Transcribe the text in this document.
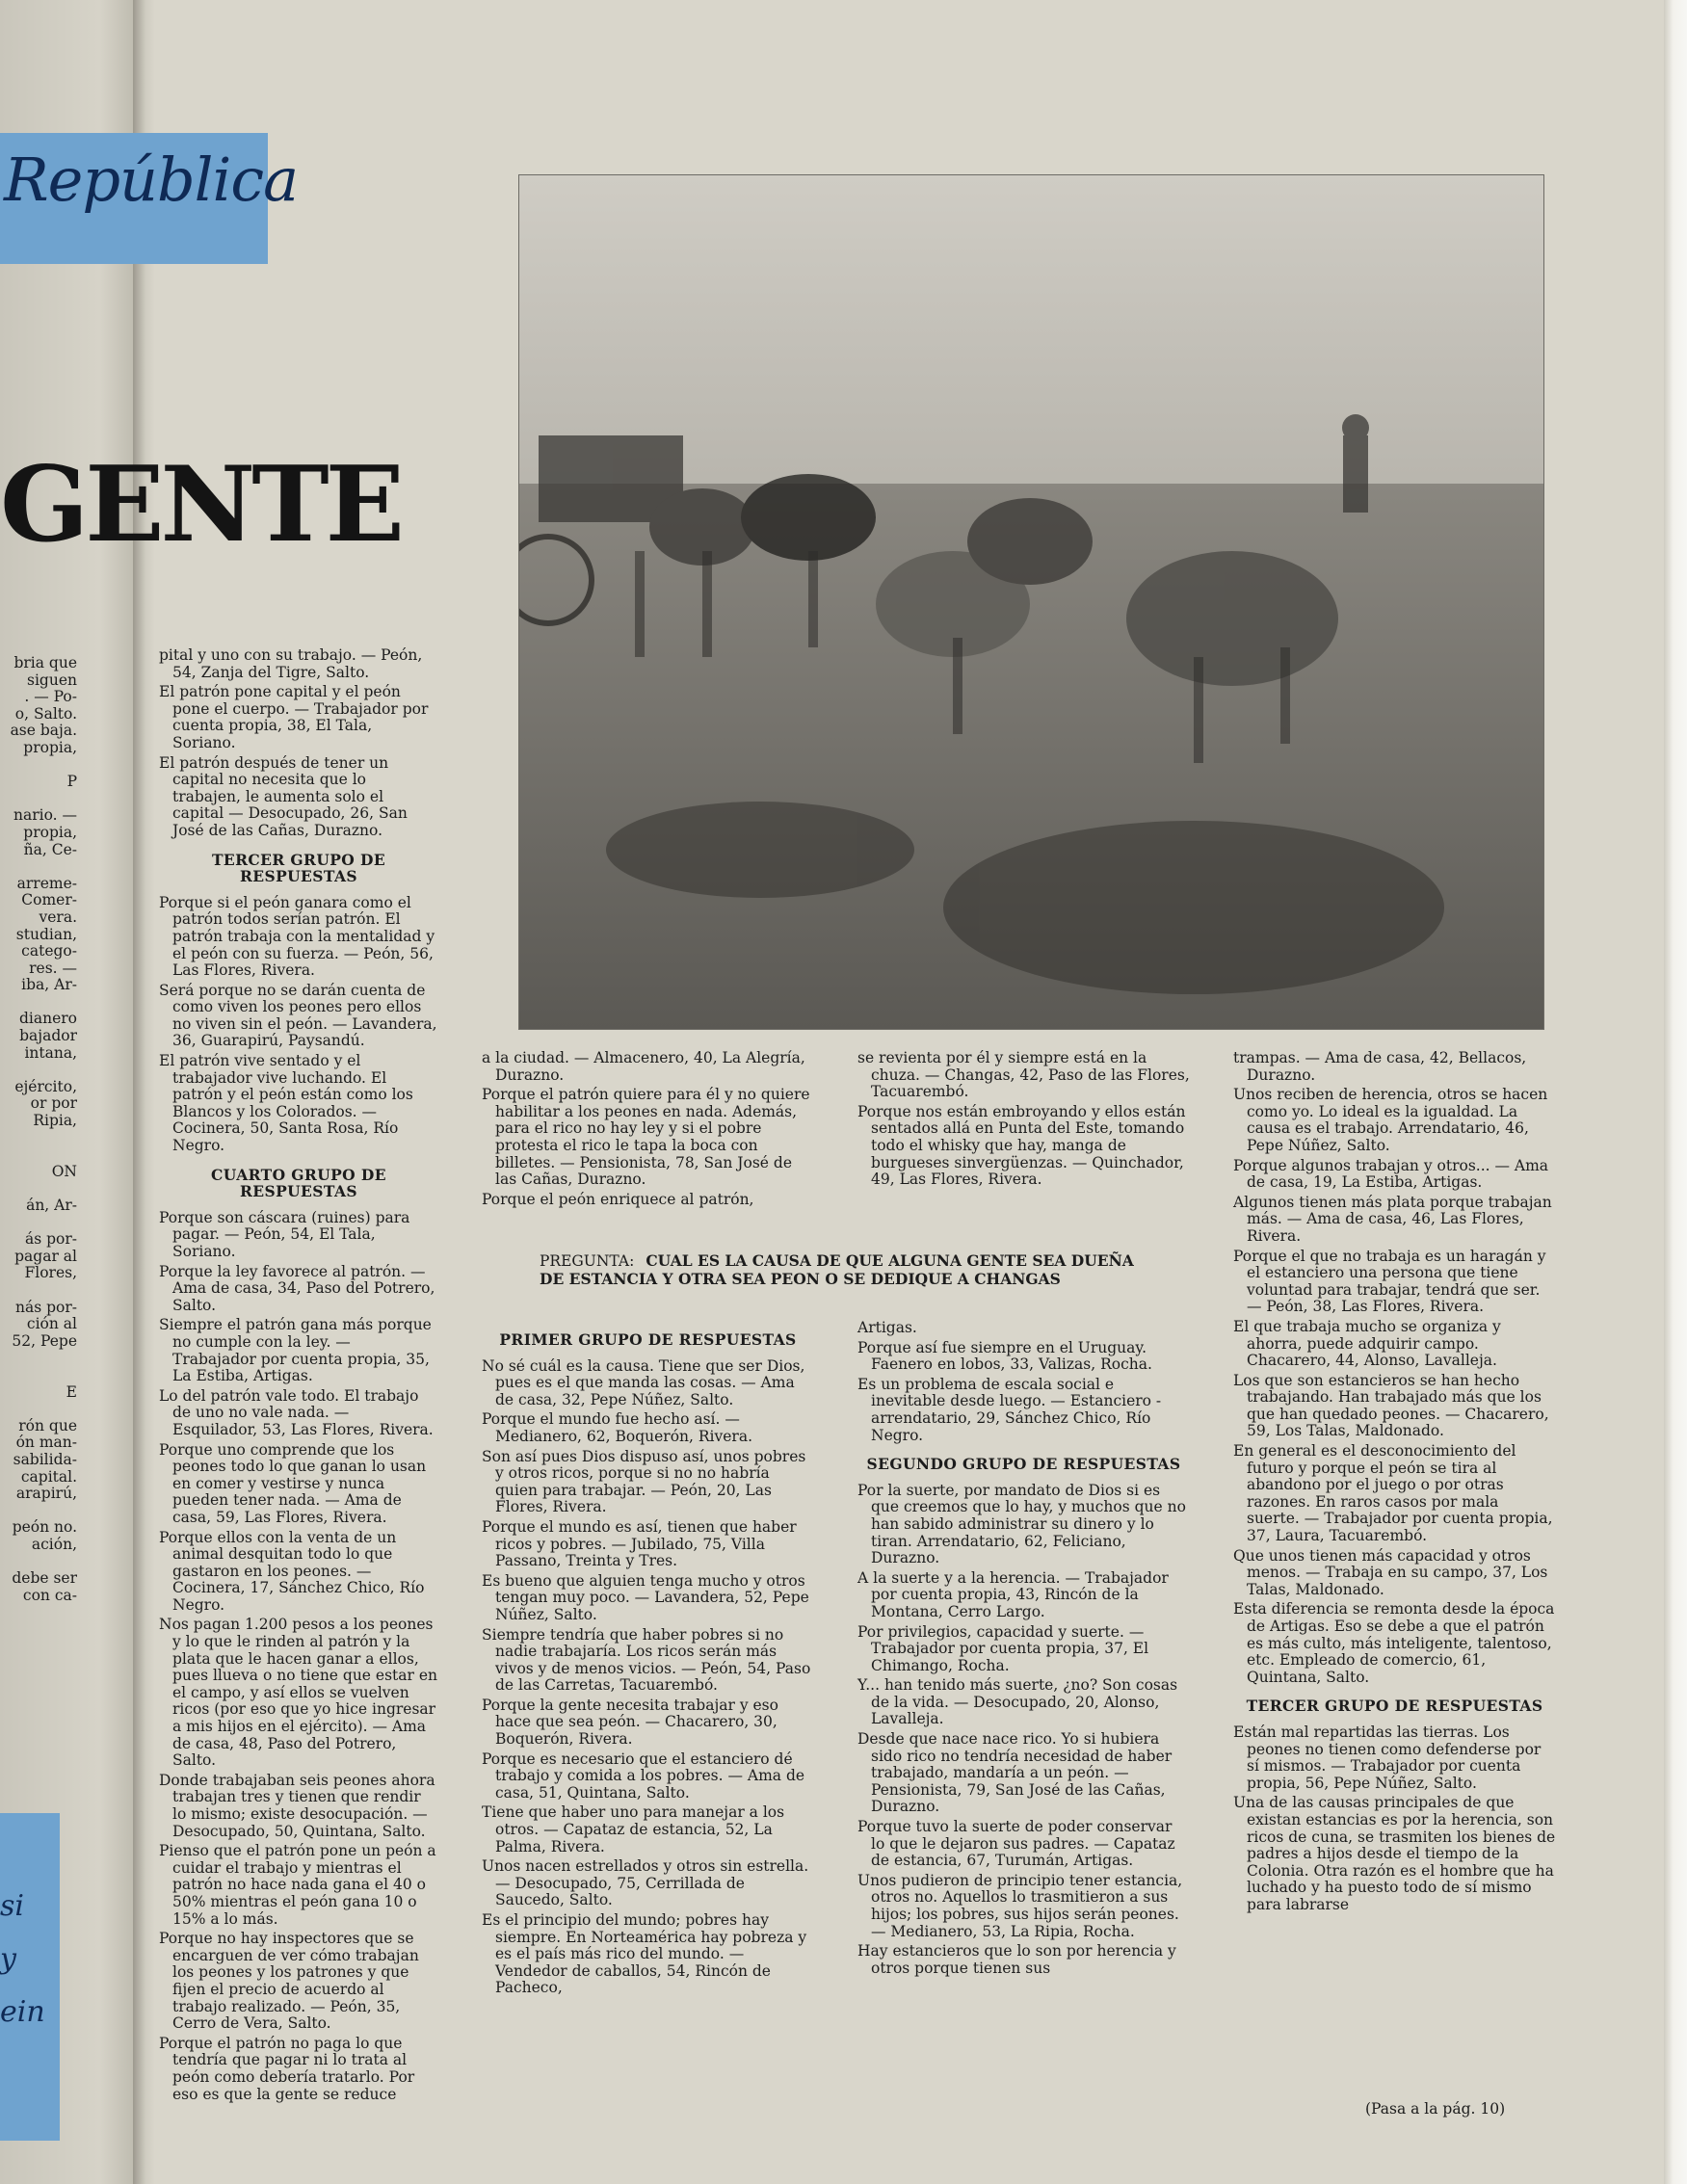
República
GENTE
bria que
siguen
. — Po-
o, Salto.
ase baja.
propia,
P
nario. —
propia,
ña, Ce-
arreme-
Comer-
vera.
studian,
catego-
res. —
iba, Ar-
dianero
bajador
intana,
ejército,
or por
Ripia,
ON
án, Ar-
ás por-
pagar al
Flores,
nás por-
ción al
52, Pepe
E
rón que
ón man-
sabilida-
capital.
arapirú,
peón no.
ación,
debe ser
con ca-
si
y
ein

pital y uno con su trabajo. — Peón, 54, Zanja del Tigre, Salto.

El patrón pone capital y el peón pone el cuerpo. — Trabajador por cuenta propia, 38, El Tala, Soriano.

El patrón después de tener un capital no necesita que lo trabajen, le aumenta solo el capital — Desocupado, 26, San José de las Cañas, Durazno.

TERCER GRUPO DE RESPUESTAS

Porque si el peón ganara como el patrón todos serían patrón. El patrón trabaja con la mentalidad y el peón con su fuerza. — Peón, 56, Las Flores, Rivera.

Será porque no se darán cuenta de como viven los peones pero ellos no viven sin el peón. — Lavandera, 36, Guarapirú, Paysandú.

El patrón vive sentado y el trabajador vive luchando. El patrón y el peón están como los Blancos y los Colorados. — Cocinera, 50, Santa Rosa, Río Negro.

CUARTO GRUPO DE RESPUESTAS

Porque son cáscara (ruines) para pagar. — Peón, 54, El Tala, Soriano.

Porque la ley favorece al patrón. — Ama de casa, 34, Paso del Potrero, Salto.

Siempre el patrón gana más porque no cumple con la ley. — Trabajador por cuenta propia, 35, La Estiba, Artigas.

Lo del patrón vale todo. El trabajo de uno no vale nada. — Esquilador, 53, Las Flores, Rivera.

Porque uno comprende que los peones todo lo que ganan lo usan en comer y vestirse y nunca pueden tener nada. — Ama de casa, 59, Las Flores, Rivera.

Porque ellos con la venta de un animal desquitan todo lo que gastaron en los peones. — Cocinera, 17, Sánchez Chico, Río Negro.

Nos pagan 1.200 pesos a los peones y lo que le rinden al patrón y la plata que le hacen ganar a ellos, pues llueva o no tiene que estar en el campo, y así ellos se vuelven ricos (por eso que yo hice ingresar a mis hijos en el ejército). — Ama de casa, 48, Paso del Potrero, Salto.

Donde trabajaban seis peones ahora trabajan tres y tienen que rendir lo mismo; existe desocupación. — Desocupado, 50, Quintana, Salto.

Pienso que el patrón pone un peón a cuidar el trabajo y mientras el patrón no hace nada gana el 40 o 50% mientras el peón gana 10 o 15% a lo más.

Porque no hay inspectores que se encarguen de ver cómo trabajan los peones y los patrones y que fijen el precio de acuerdo al trabajo realizado. — Peón, 35, Cerro de Vera, Salto.

Porque el patrón no paga lo que tendría que pagar ni lo trata al peón como debería tratarlo. Por eso es que la gente se reduce

a la ciudad. — Almacenero, 40, La Alegría, Durazno.

Porque el patrón quiere para él y no quiere habilitar a los peones en nada. Además, para el rico no hay ley y si el pobre protesta el rico le tapa la boca con billetes. — Pensionista, 78, San José de las Cañas, Durazno.

Porque el peón enriquece al patrón,

se revienta por él y siempre está en la chuza. — Changas, 42, Paso de las Flores, Tacuarembó.

Porque nos están embroyando y ellos están sentados allá en Punta del Este, tomando todo el whisky que hay, manga de burgueses sinvergüenzas. — Quinchador, 49, Las Flores, Rivera.

PREGUNTA: CUAL ES LA CAUSA DE QUE ALGUNA GENTE SEA DUEÑA DE ESTANCIA Y OTRA SEA PEON O SE DEDIQUE A CHANGAS
PRIMER GRUPO DE RESPUESTAS

No sé cuál es la causa. Tiene que ser Dios, pues es el que manda las cosas. — Ama de casa, 32, Pepe Núñez, Salto.

Porque el mundo fue hecho así. — Medianero, 62, Boquerón, Rivera.

Son así pues Dios dispuso así, unos pobres y otros ricos, porque si no no habría quien para trabajar. — Peón, 20, Las Flores, Rivera.

Porque el mundo es así, tienen que haber ricos y pobres. — Jubilado, 75, Villa Passano, Treinta y Tres.

Es bueno que alguien tenga mucho y otros tengan muy poco. — Lavandera, 52, Pepe Núñez, Salto.

Siempre tendría que haber pobres si no nadie trabajaría. Los ricos serán más vivos y de menos vicios. — Peón, 54, Paso de las Carretas, Tacuarembó.

Porque la gente necesita trabajar y eso hace que sea peón. — Chacarero, 30, Boquerón, Rivera.

Porque es necesario que el estanciero dé trabajo y comida a los pobres. — Ama de casa, 51, Quintana, Salto.

Tiene que haber uno para manejar a los otros. — Capataz de estancia, 52, La Palma, Rivera.

Unos nacen estrellados y otros sin estrella. — Desocupado, 75, Cerrillada de Saucedo, Salto.

Es el principio del mundo; pobres hay siempre. En Norteamérica hay pobreza y es el país más rico del mundo. — Vendedor de caballos, 54, Rincón de Pacheco,

Artigas.

Porque así fue siempre en el Uruguay. Faenero en lobos, 33, Valizas, Rocha.

Es un problema de escala social e inevitable desde luego. — Estanciero - arrendatario, 29, Sánchez Chico, Río Negro.

SEGUNDO GRUPO DE RESPUESTAS

Por la suerte, por mandato de Dios si es que creemos que lo hay, y muchos que no han sabido administrar su dinero y lo tiran. Arrendatario, 62, Feliciano, Durazno.

A la suerte y a la herencia. — Trabajador por cuenta propia, 43, Rincón de la Montana, Cerro Largo.

Por privilegios, capacidad y suerte. — Trabajador por cuenta propia, 37, El Chimango, Rocha.

Y... han tenido más suerte, ¿no? Son cosas de la vida. — Desocupado, 20, Alonso, Lavalleja.

Desde que nace nace rico. Yo si hubiera sido rico no tendría necesidad de haber trabajado, mandaría a un peón. — Pensionista, 79, San José de las Cañas, Durazno.

Porque tuvo la suerte de poder conservar lo que le dejaron sus padres. — Capataz de estancia, 67, Turumán, Artigas.

Unos pudieron de principio tener estancia, otros no. Aquellos lo trasmitieron a sus hijos; los pobres, sus hijos serán peones. — Medianero, 53, La Ripia, Rocha.

Hay estancieros que lo son por herencia y otros porque tienen sus

trampas. — Ama de casa, 42, Bellacos, Durazno.

Unos reciben de herencia, otros se hacen como yo. Lo ideal es la igualdad. La causa es el trabajo. Arrendatario, 46, Pepe Núñez, Salto.

Porque algunos trabajan y otros... — Ama de casa, 19, La Estiba, Artigas.

Algunos tienen más plata porque trabajan más. — Ama de casa, 46, Las Flores, Rivera.

Porque el que no trabaja es un haragán y el estanciero una persona que tiene voluntad para trabajar, tendrá que ser. — Peón, 38, Las Flores, Rivera.

El que trabaja mucho se organiza y ahorra, puede adquirir campo. Chacarero, 44, Alonso, Lavalleja.

Los que son estancieros se han hecho trabajando. Han trabajado más que los que han quedado peones. — Chacarero, 59, Los Talas, Maldonado.

En general es el desconocimiento del futuro y porque el peón se tira al abandono por el juego o por otras razones. En raros casos por mala suerte. — Trabajador por cuenta propia, 37, Laura, Tacuarembó.

Que unos tienen más capacidad y otros menos. — Trabaja en su campo, 37, Los Talas, Maldonado.

Esta diferencia se remonta desde la época de Artigas. Eso se debe a que el patrón es más culto, más inteligente, talentoso, etc. Empleado de comercio, 61, Quintana, Salto.

TERCER GRUPO DE RESPUESTAS

Están mal repartidas las tierras. Los peones no tienen como defenderse por sí mismos. — Trabajador por cuenta propia, 56, Pepe Núñez, Salto.

Una de las causas principales de que existan estancias es por la herencia, son ricos de cuna, se trasmiten los bienes de padres a hijos desde el tiempo de la Colonia. Otra razón es el hombre que ha luchado y ha puesto todo de sí mismo para labrarse

(Pasa a la pág. 10)
